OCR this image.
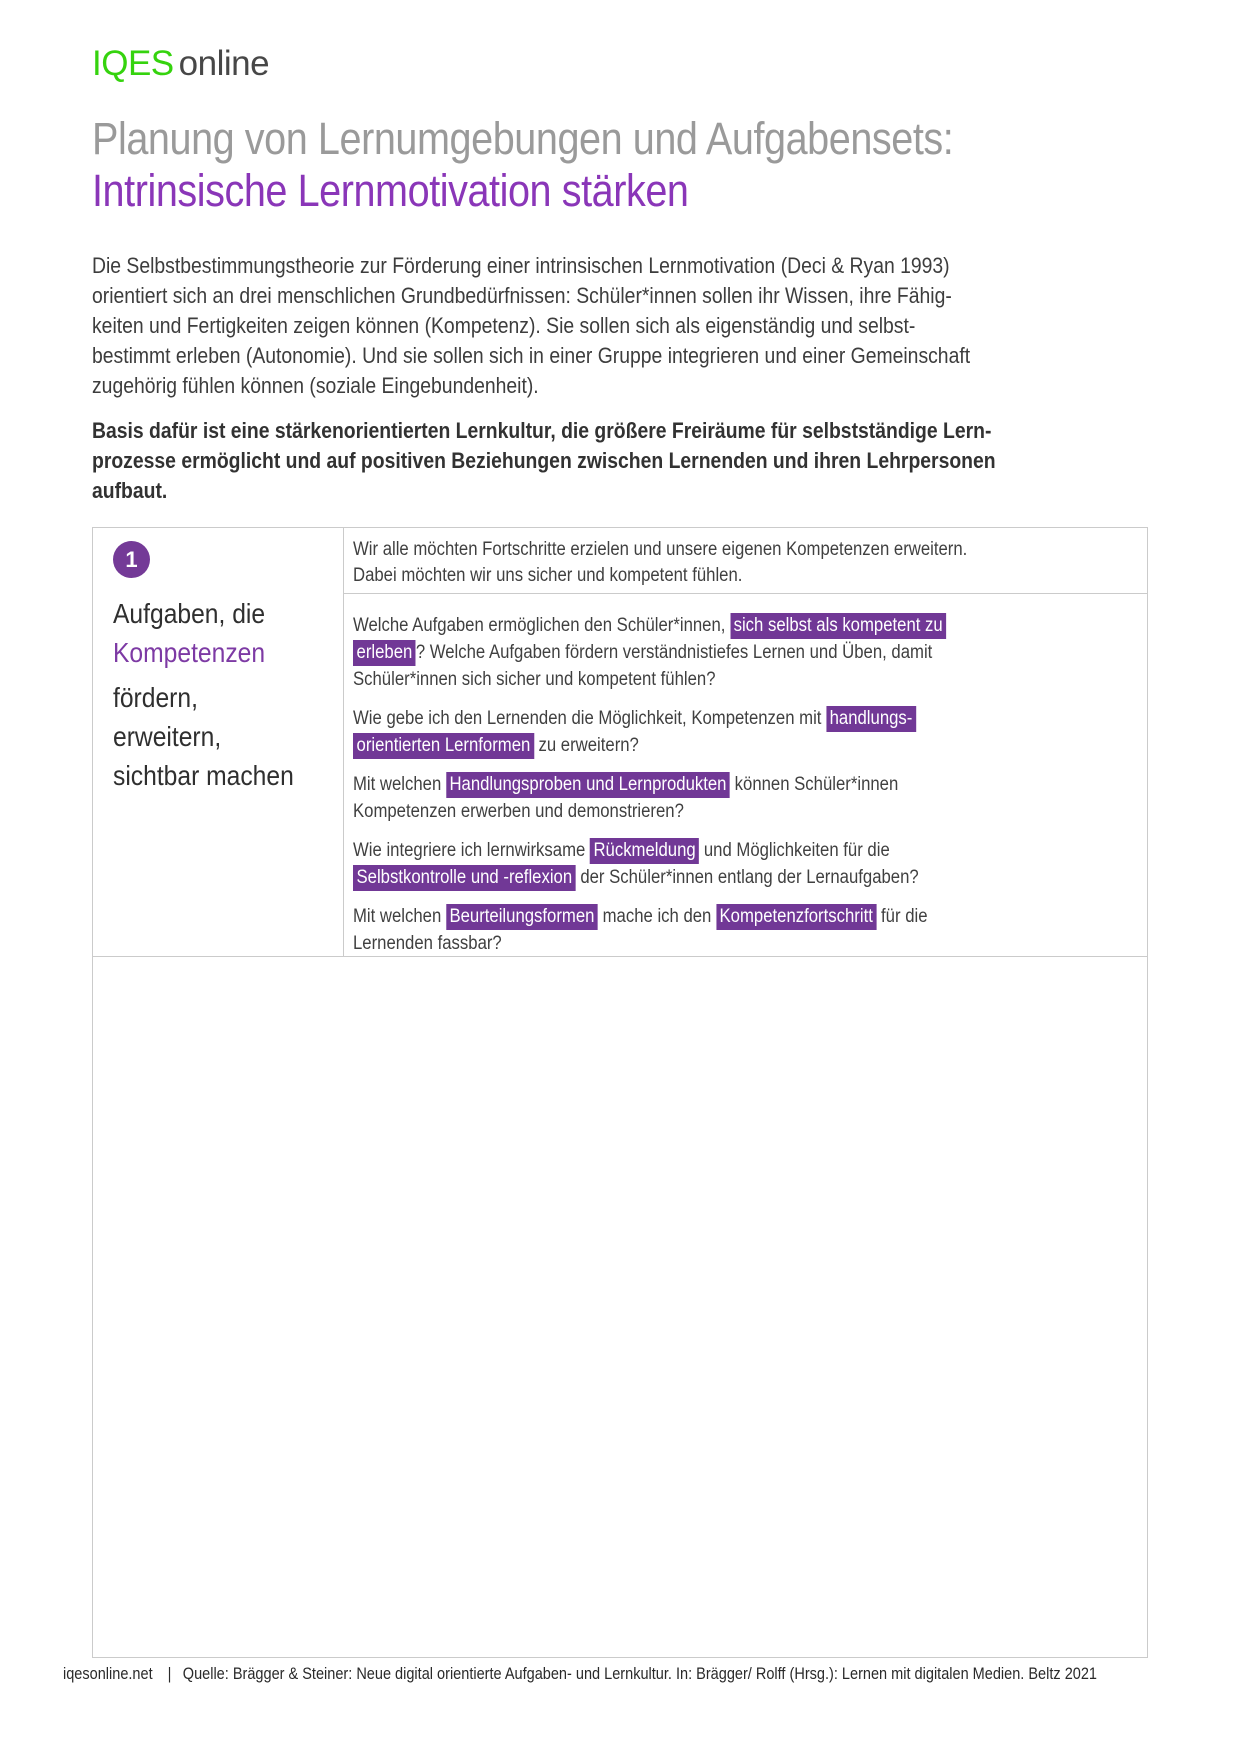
IQES online
Planung von Lernumgebungen und Aufgabensets:
Intrinsische Lernmotivation stärken
Die Selbstbestimmungstheorie zur Förderung einer intrinsischen Lernmotivation (Deci & Ryan 1993)
orientiert sich an drei menschlichen Grundbedürfnissen: Schüler*innen sollen ihr Wissen, ihre Fähig-
keiten und Fertigkeiten zeigen können (Kompetenz). Sie sollen sich als eigenständig und selbst-
bestimmt erleben (Autonomie). Und sie sollen sich in einer Gruppe integrieren und einer Gemeinschaft
zugehörig fühlen können (soziale Eingebundenheit).
Basis dafür ist eine stärkenorientierten Lernkultur, die größere Freiräume für selbstständige Lern-
prozesse ermöglicht und auf positiven Beziehungen zwischen Lernenden und ihren Lehrpersonen
aufbaut.
1
Aufgaben, die
Kompetenzen
fördern,
erweitern,
sichtbar machen
Wir alle möchten Fortschritte erzielen und unsere eigenen Kompetenzen erweitern.
Dabei möchten wir uns sicher und kompetent fühlen.
Welche Aufgaben ermöglichen den Schüler*innen, sich selbst als kompetent zu
erleben ? Welche Aufgaben fördern verständnistiefes Lernen und Üben, damit
Schüler*innen sich sicher und kompetent fühlen?
Wie gebe ich den Lernenden die Möglichkeit, Kompetenzen mit handlungs-
orientierten Lernformen zu erweitern?
Mit welchen Handlungsproben und Lernprodukten können Schüler*innen
Kompetenzen erwerben und demonstrieren?
Wie integriere ich lernwirksame Rückmeldung und Möglichkeiten für die
Selbstkontrolle und -reflexion der Schüler*innen entlang der Lernaufgaben?
Mit welchen Beurteilungsformen mache ich den Kompetenzfortschritt für die
Lernenden fassbar?
iqesonline.net | Quelle: Brägger & Steiner: Neue digital orientierte Aufgaben- und Lernkultur. In: Brägger/ Rolff (Hrsg.): Lernen mit digitalen Medien. Beltz 2021
